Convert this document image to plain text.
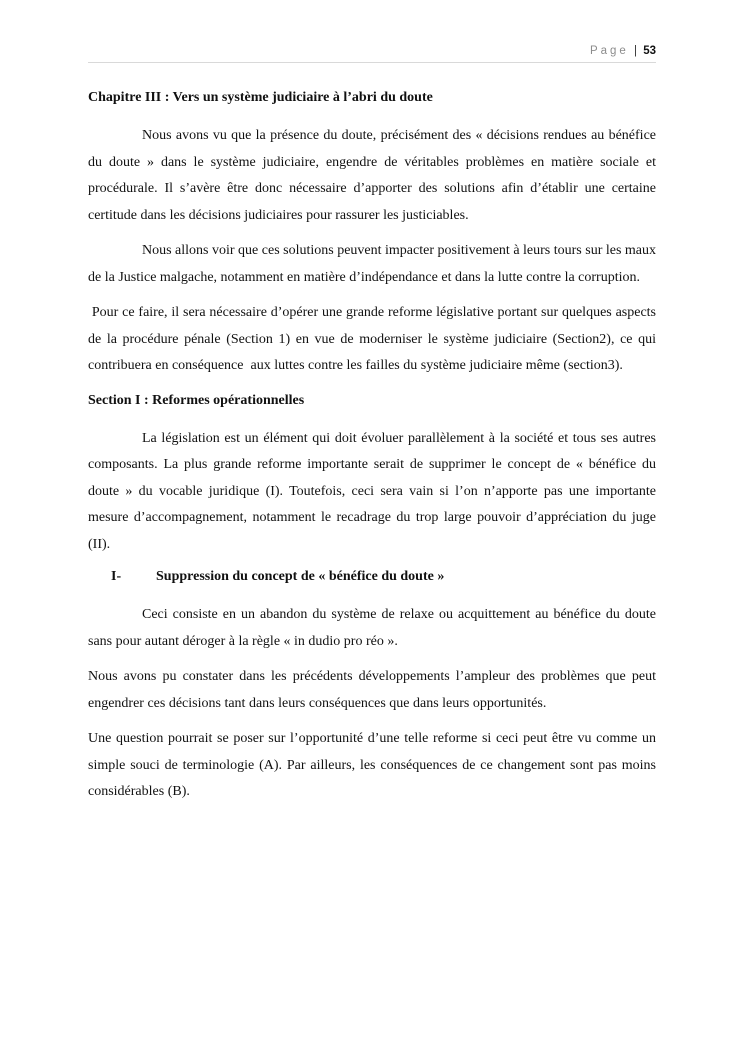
Page | 53
Chapitre III : Vers un système judiciaire à l’abri du doute

Nous avons vu que la présence du doute, précisément des « décisions rendues au bénéfice du doute » dans le système judiciaire, engendre de véritables problèmes en matière sociale et procédurale. Il s’avère être donc nécessaire d’apporter des solutions afin d’établir une certaine certitude dans les décisions judiciaires pour rassurer les justiciables.

Nous allons voir que ces solutions peuvent impacter positivement à leurs tours sur les maux de la Justice malgache, notamment en matière d’indépendance et dans la lutte contre la corruption.

Pour ce faire, il sera nécessaire d’opérer une grande reforme législative portant sur quelques aspects de la procédure pénale (Section 1) en vue de moderniser le système judiciaire (Section2), ce qui contribuera en conséquence  aux luttes contre les failles du système judiciaire même (section3).

Section I : Reformes opérationnelles

La législation est un élément qui doit évoluer parallèlement à la société et tous ses autres composants. La plus grande reforme importante serait de supprimer le concept de « bénéfice du doute » du vocable juridique (I). Toutefois, ceci sera vain si l’on n’apporte pas une importante mesure d’accompagnement, notamment le recadrage du trop large pouvoir d’appréciation du juge (II).

I-	Suppression du concept de « bénéfice du doute »

Ceci consiste en un abandon du système de relaxe ou acquittement au bénéfice du doute sans pour autant déroger à la règle « in dudio pro réo ».

Nous avons pu constater dans les précédents développements l’ampleur des problèmes que peut engendrer ces décisions tant dans leurs conséquences que dans leurs opportunités.

Une question pourrait se poser sur l’opportunité d’une telle reforme si ceci peut être vu comme un simple souci de terminologie (A). Par ailleurs, les conséquences de ce changement sont pas moins considérables (B).
